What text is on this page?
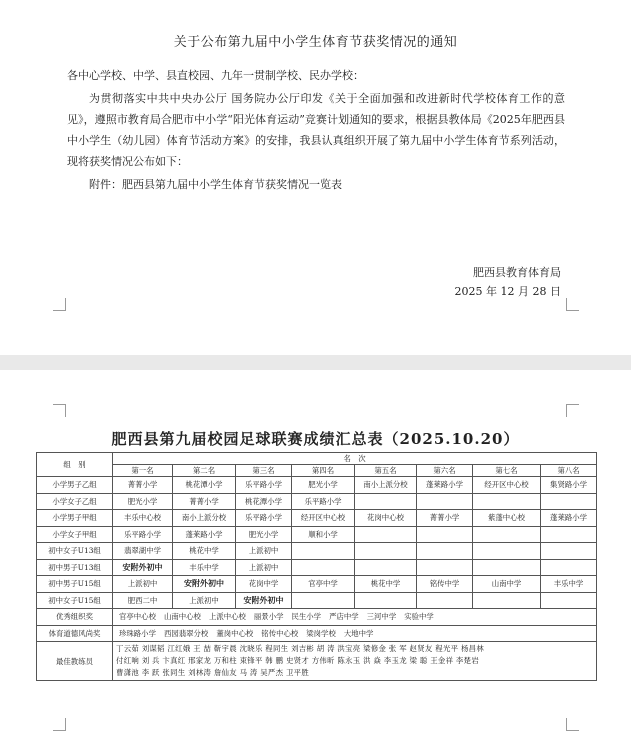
关于公布第九届中小学生体育节获奖情况的通知
各中心学校、中学、县直校园、九年一贯制学校、民办学校：
为贯彻落实中共中央办公厅 国务院办公厅印发《关于全面加强和改进新时代学校体育工作的意见》，遵照市教育局合肥市中小学“阳光体育运动”竞赛计划通知的要求，根据县教体局《2025年肥西县中小学生（幼儿园）体育节活动方案》的安排，我县认真组织开展了第九届中小学生体育节系列活动，现将获奖情况公布如下：
附件：肥西县第九届中小学生体育节获奖情况一览表
肥西县教育体育局
2025 年 12 月 28 日
肥西县第九届校园足球联赛成绩汇总表（2025.10.20）
组　别	名　次							
	第一名	第二名	第三名	第四名	第五名	第六名	第七名	第八名
小学男子乙组	菁菁小学	桃花潭小学	乐平路小学	肥光小学	南小上派分校	蓬莱路小学	经开区中心校	集贤路小学
小学女子乙组	肥光小学	菁菁小学	桃花潭小学	乐平路小学				
小学男子甲组	丰乐中心校	南小上派分校	乐平路小学	经开区中心校	花岗中心校	菁菁小学	紫蓬中心校	蓬莱路小学
小学女子甲组	乐平路小学	蓬莱路小学	肥光小学	顺和小学				
初中女子U13组	翡翠湖中学	桃花中学	上派初中					
初中男子U13组	安附外初中	丰乐中学	上派初中					
初中男子U15组	上派初中	安附外初中	花岗中学	官亭中学	桃花中学	铭传中学	山南中学	丰乐中学
初中女子U15组	肥西二中	上派初中	安附外初中					
优秀组织奖	官亭中心校 山南中心校 上派中心校 丽景小学 民生小学 严店中学 三河中学 实验中学							
体育道德风尚奖	珍珠路小学 西园翡翠分校 董岗中心校 铭传中心校 梁岗学校 大地中学							
最佳教练员	丁云茹 刘谋韬 江红娥 王 喆 靳宇晨 沈晓乐 程同生 刘吉彬 胡 涛 洪宝亮 梁修金 张 军 赵贤友 程光平 杨昌林
付红响 刘 兵 卞真红 邢家龙 万和柱 束锋平 韩 鹏 史贤才 方伟昕 陈永玉 洪 焱 李玉龙 梁 聪 王金祥 李楚岩
曹潇池 李 跃 张同生 刘林涛 詹仙友 马 涛 吴严杰 卫平胜							
